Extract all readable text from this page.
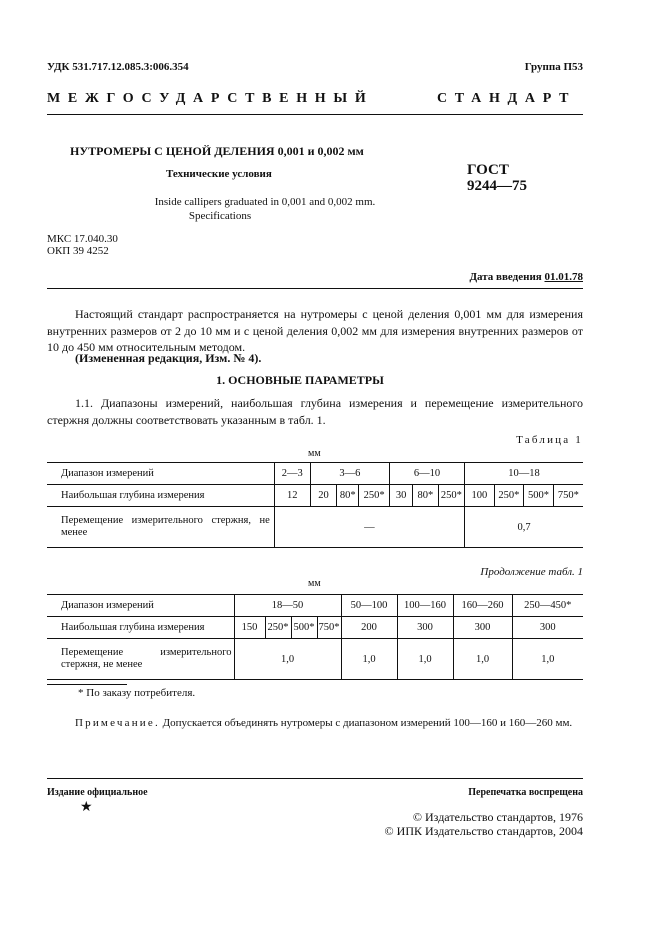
УДК 531.717.12.085.3:006.354	Группа П53
МЕЖГОСУДАРСТВЕННЫЙ	СТАНДАРТ
НУТРОМЕРЫ С ЦЕНОЙ ДЕЛЕНИЯ 0,001 и 0,002 мм
Технические условия
Inside callipers graduated in 0,001 and 0,002 mm.
Specifications
ГОСТ
9244—75
МКС 17.040.30
ОКП 39 4252
Дата введения 01.01.78
Настоящий стандарт распространяется на нутромеры с ценой деления 0,001 мм для измерения внутренних размеров от 2 до 10 мм и с ценой деления 0,002 мм для измерения внутренних размеров от 10 до 450 мм относительным методом.
(Измененная редакция, Изм. № 4).
1. ОСНОВНЫЕ ПАРАМЕТРЫ
1.1. Диапазоны измерений, наибольшая глубина измерения и перемещение измерительного стержня должны соответствовать указанным в табл. 1.
Таблица 1
мм
Диапазон измерений	2—3	3—6			6—10			10—18			
Наибольшая глубина измерения	12	20	80*	250*	30	80*	250*	100	250*	500*	750*
Перемещение измерительного стержня, не менее	—							0,7			
Продолжение табл. 1
мм
Диапазон измерений	18—50				50—100	100—160	160—260	250—450*
Наибольшая глубина измерения	150	250*	500*	750*	200	300	300	300
Перемещение измерительного стержня, не менее	1,0				1,0	1,0	1,0	1,0
* По заказу потребителя.
Примечание. Допускается объединять нутромеры с диапазоном измерений 100—160 и 160—260 мм.
Издание официальное
★
Перепечатка воспрещена
© Издательство стандартов, 1976
© ИПК Издательство стандартов, 2004
